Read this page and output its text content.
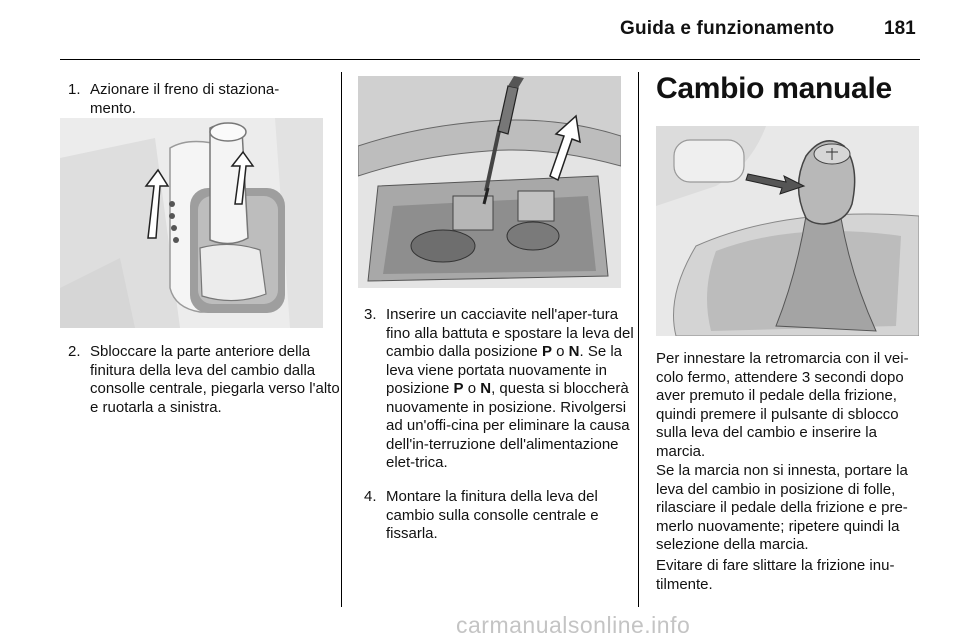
Guida e funzionamento	181
1. Azionare il freno di staziona-
mento.
2. Sbloccare la parte anteriore della finitura della leva del cambio dalla consolle centrale, piegarla verso l'alto e ruotarla a sinistra.
3. Inserire un cacciavite nell'aper-tura fino alla battuta e spostare la leva del cambio dalla posizione P o N. Se la leva viene portata nuovamente in posizione P o N, questa si bloccherà nuovamente in posizione. Rivolgersi ad un'offi-cina per eliminare la causa dell'in-terruzione dell'alimentazione elet-trica.
4. Montare la finitura della leva del cambio sulla consolle centrale e fissarla.
Cambio manuale
Per innestare la retromarcia con il vei-colo fermo, attendere 3 secondi dopo aver premuto il pedale della frizione, quindi premere il pulsante di sblocco sulla leva del cambio e inserire la marcia.
Se la marcia non si innesta, portare la leva del cambio in posizione di folle, rilasciare il pedale della frizione e pre-merlo nuovamente; ripetere quindi la selezione della marcia.
Evitare di fare slittare la frizione inu-tilmente.
carmanualsonline.info
